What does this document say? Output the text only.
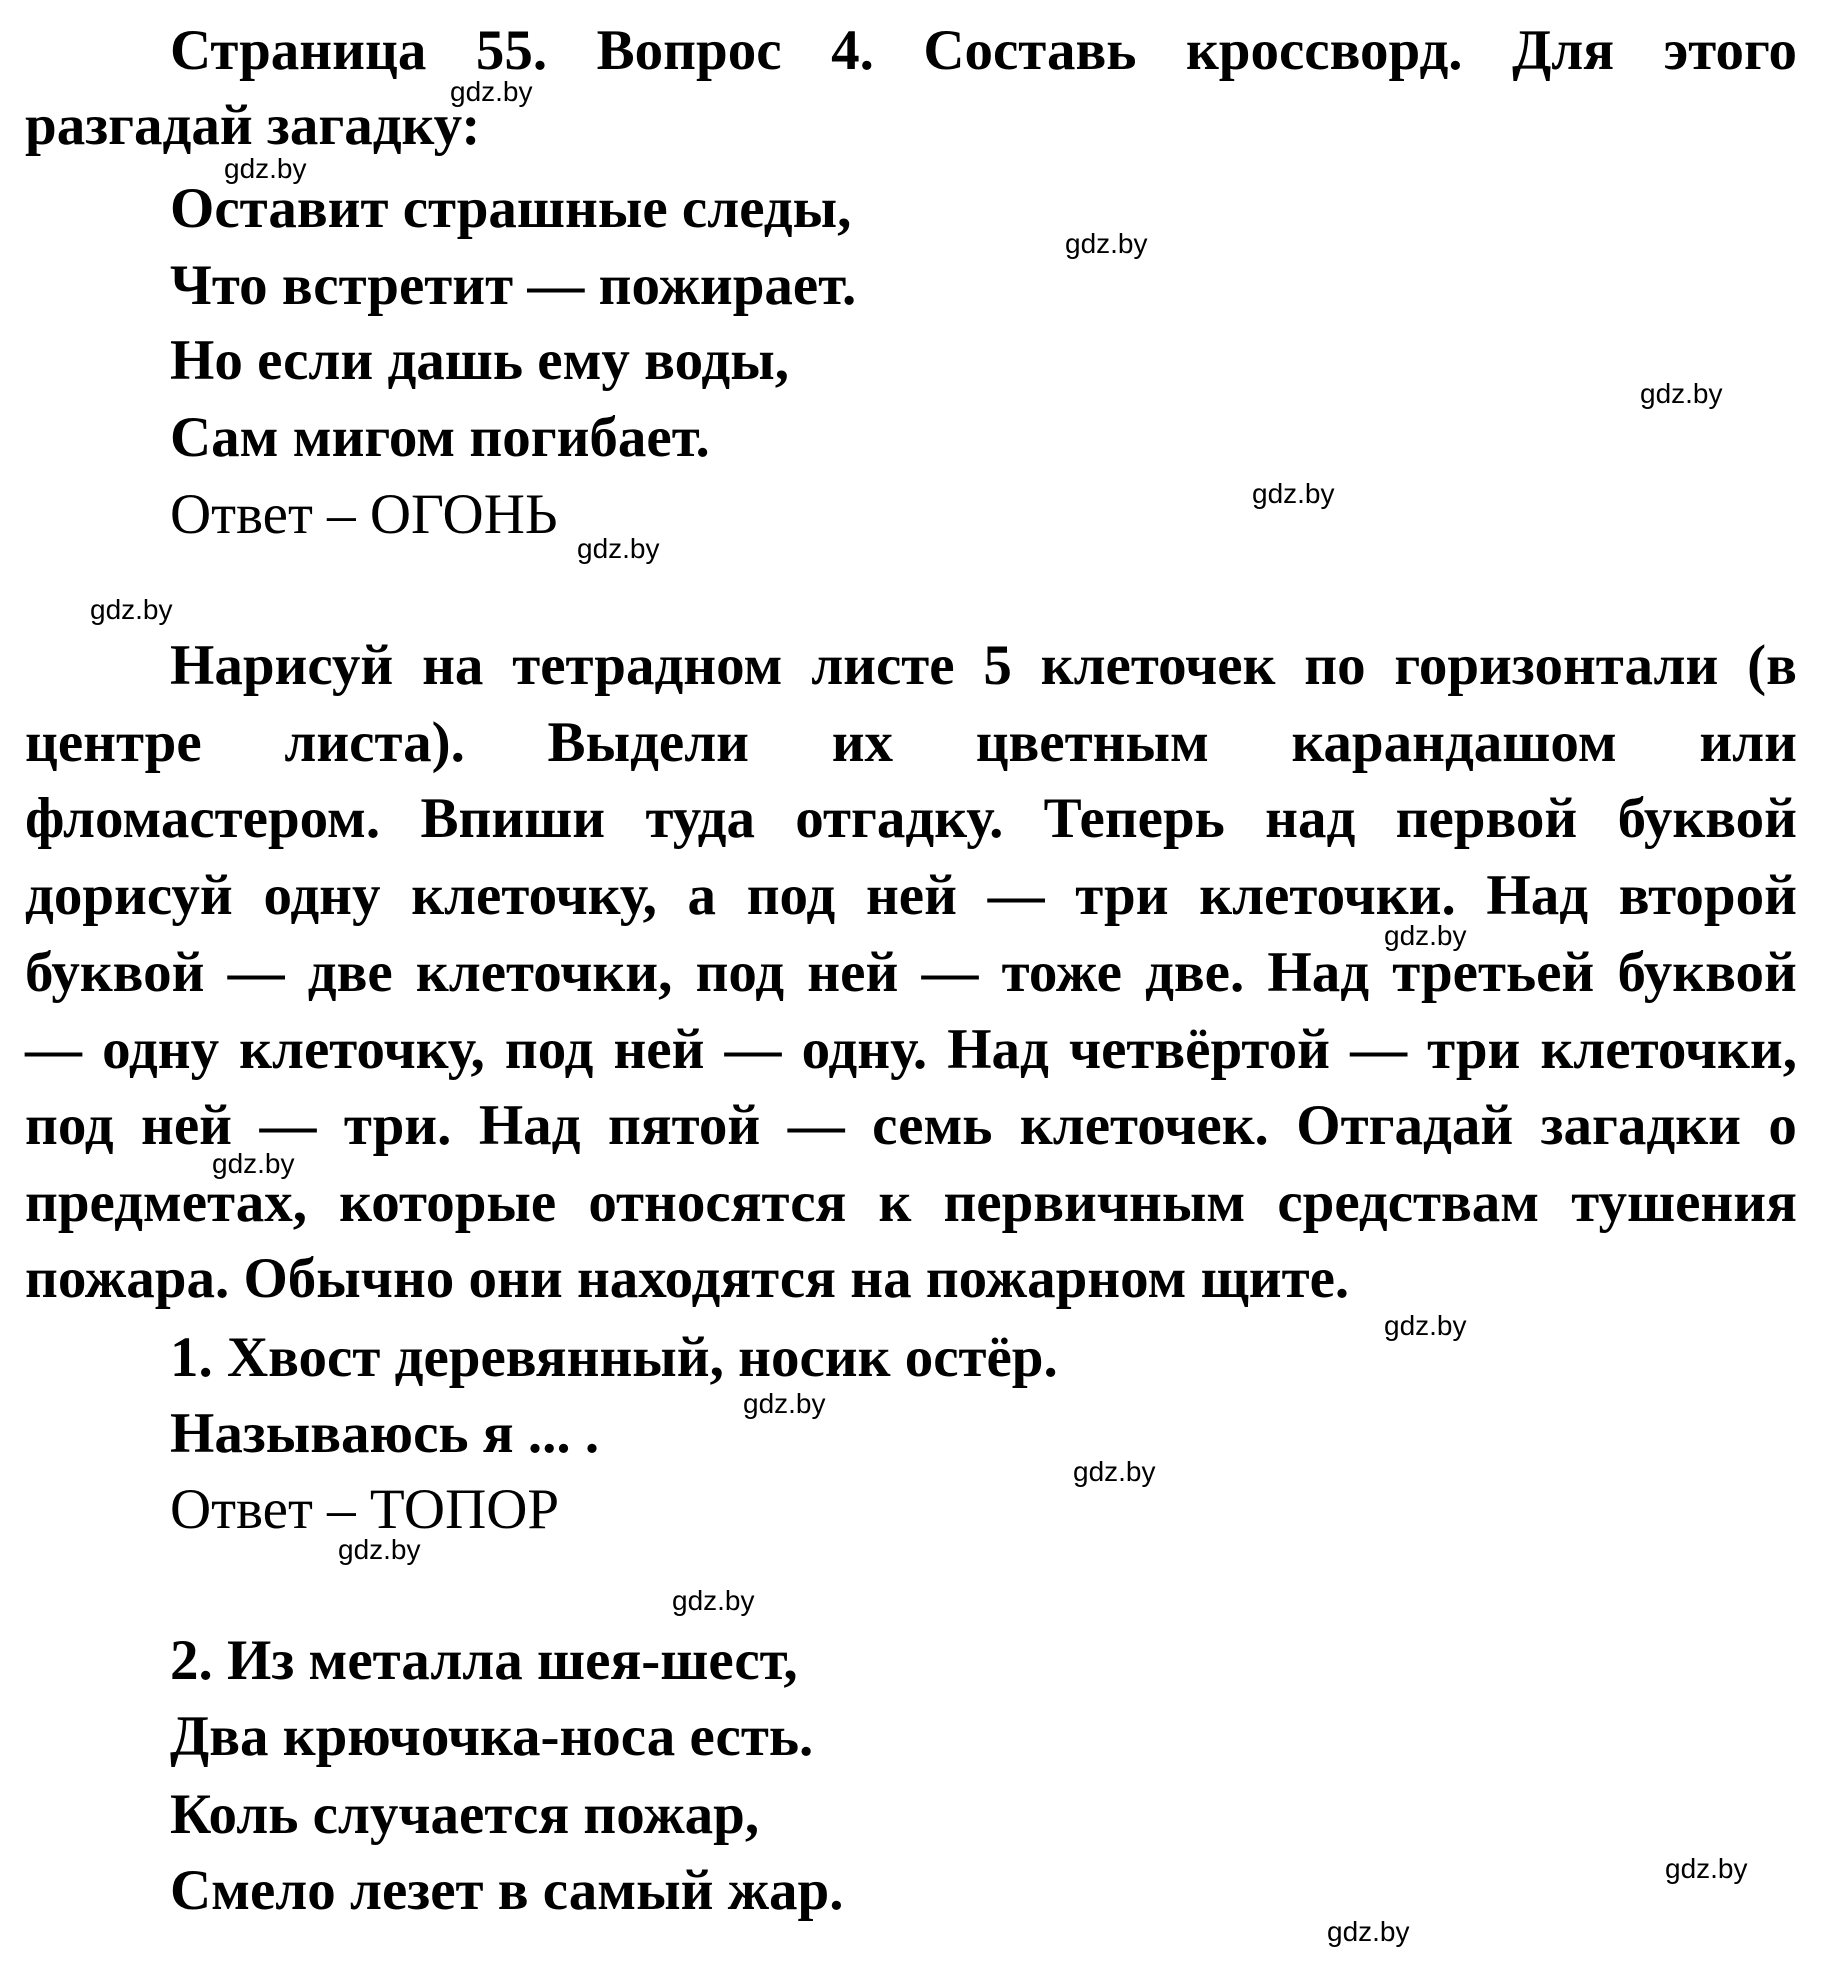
Страница 55. Вопрос 4. Составь кроссворд. Для этого
разгадай загадку:
Оставит страшные следы,
Что встретит — пожирает.
Но если дашь ему воды,
Сам мигом погибает.
Ответ – ОГОНЬ
Нарисуй на тетрадном листе 5 клеточек по горизонтали (в
центре листа). Выдели их цветным карандашом или
фломастером. Впиши туда отгадку. Теперь над первой буквой
дорисуй одну клеточку, а под ней — три клеточки. Над второй
буквой — две клеточки, под ней — тоже две. Над третьей буквой
— одну клеточку, под ней — одну. Над четвёртой — три клеточки,
под ней — три. Над пятой — семь клеточек. Отгадай загадки о
предметах, которые относятся к первичным средствам тушения
пожара. Обычно они находятся на пожарном щите.
1. Хвост деревянный, носик остёр.
Называюсь я ... .
Ответ – ТОПОР
2. Из металла шея-шест,
Два крючочка-носа есть.
Коль случается пожар,
Смело лезет в самый жар.
gdz.by
gdz.by
gdz.by
gdz.by
gdz.by
gdz.by
gdz.by
gdz.by
gdz.by
gdz.by
gdz.by
gdz.by
gdz.by
gdz.by
gdz.by
gdz.by
